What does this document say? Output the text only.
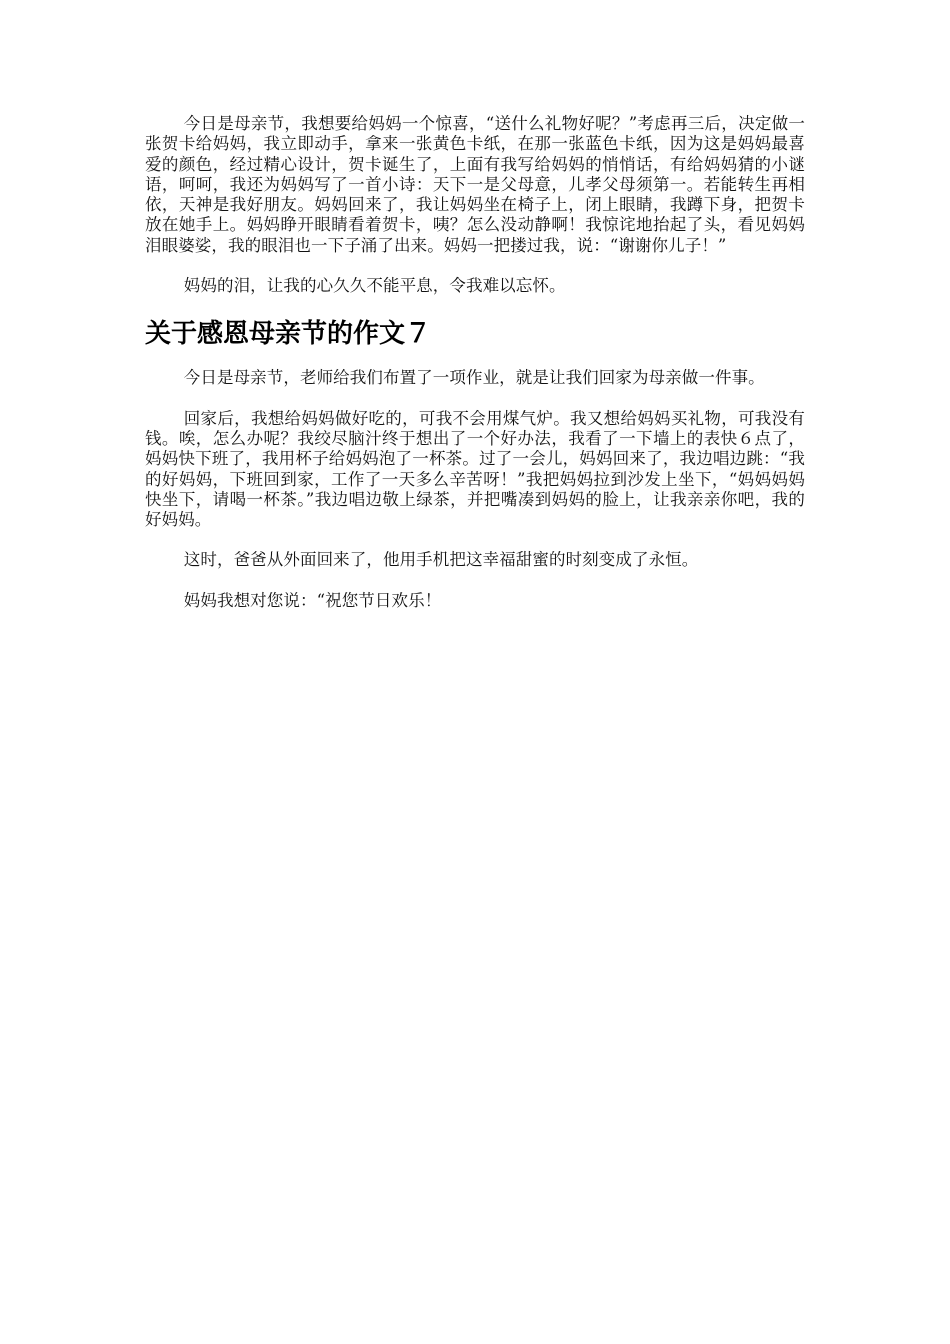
今日是母亲节，我想要给妈妈一个惊喜，“送什么礼物好呢？”考虑再三后，决定做一张贺卡给妈妈，我立即动手，拿来一张黄色卡纸，在那一张蓝色卡纸，因为这是妈妈最喜爱的颜色，经过精心设计，贺卡诞生了，上面有我写给妈妈的悄悄话，有给妈妈猜的小谜语，呵呵，我还为妈妈写了一首小诗：天下一是父母意，儿孝父母须第一。若能转生再相依，天神是我好朋友。妈妈回来了，我让妈妈坐在椅子上，闭上眼睛，我蹲下身，把贺卡放在她手上。妈妈睁开眼睛看着贺卡，咦？怎么没动静啊！我惊诧地抬起了头，看见妈妈泪眼婆娑，我的眼泪也一下子涌了出来。妈妈一把搂过我，说：“谢谢你儿子！”

妈妈的泪，让我的心久久不能平息，令我难以忘怀。

关于感恩母亲节的作文７

今日是母亲节，老师给我们布置了一项作业，就是让我们回家为母亲做一件事。

回家后，我想给妈妈做好吃的，可我不会用煤气炉。我又想给妈妈买礼物，可我没有钱。唉，怎么办呢？我绞尽脑汁终于想出了一个好办法，我看了一下墙上的表快６点了，妈妈快下班了，我用杯子给妈妈泡了一杯茶。过了一会儿，妈妈回来了，我边唱边跳：“我的好妈妈，下班回到家，工作了一天多么辛苦呀！”我把妈妈拉到沙发上坐下，“妈妈妈妈快坐下，请喝一杯茶。”我边唱边敬上绿茶，并把嘴凑到妈妈的脸上，让我亲亲你吧，我的好妈妈。

这时，爸爸从外面回来了，他用手机把这幸福甜蜜的时刻变成了永恒。

妈妈我想对您说：“祝您节日欢乐！
